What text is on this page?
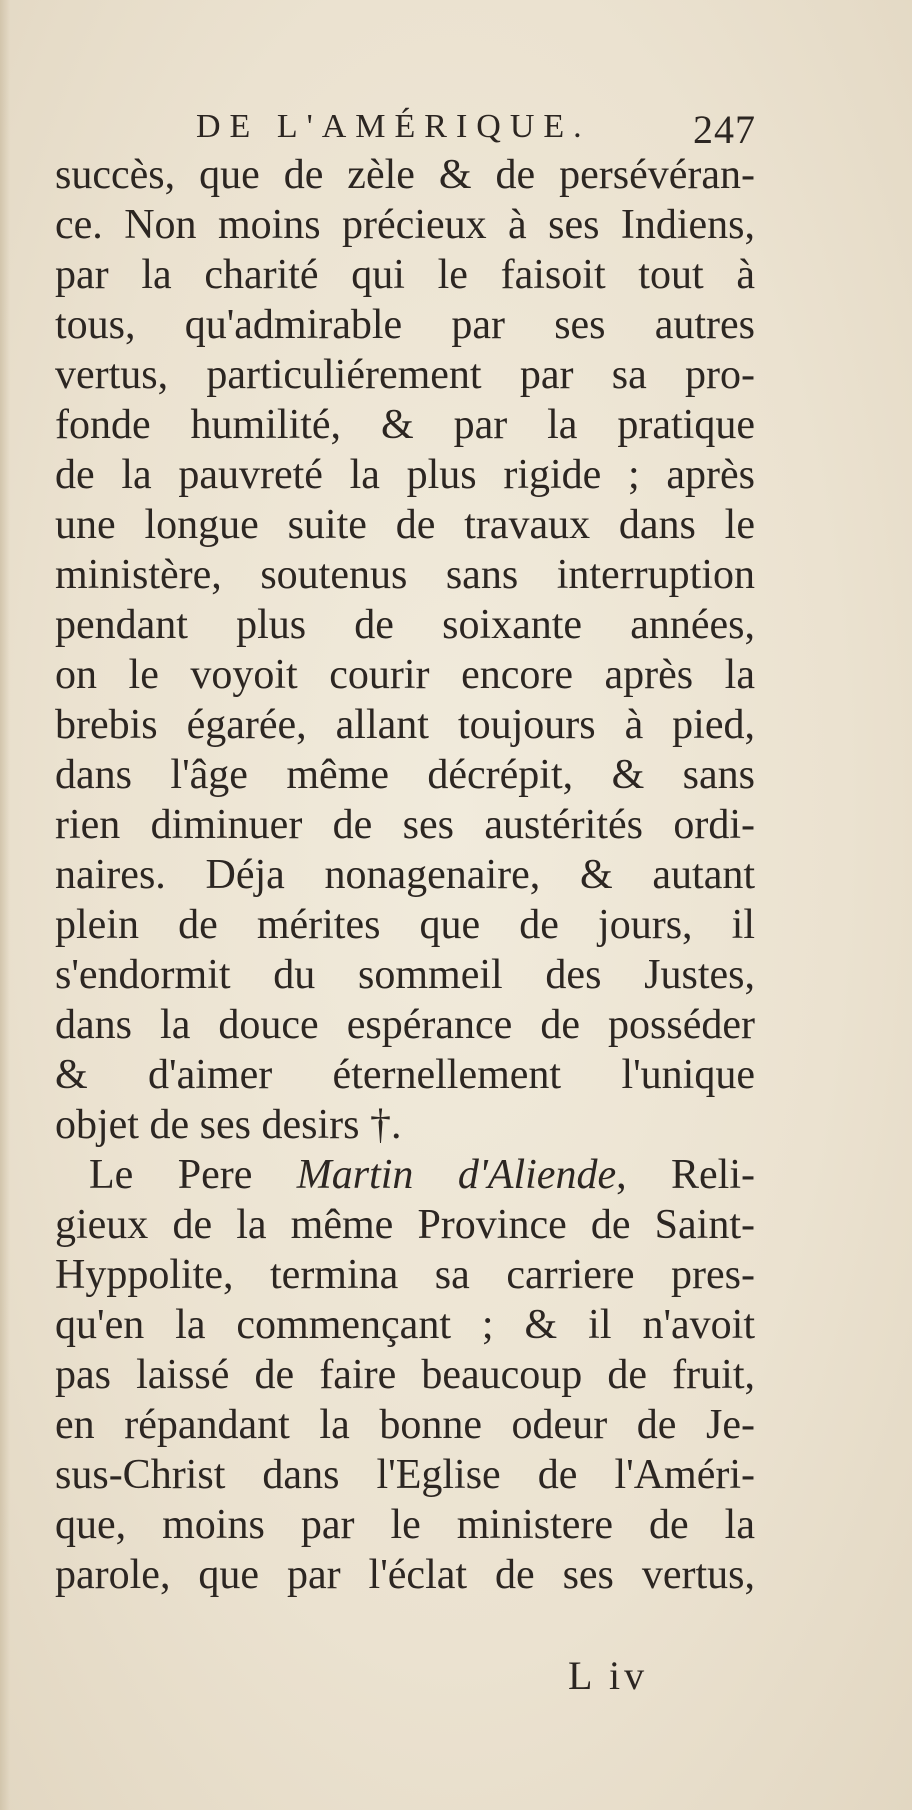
DE L'AMÉRIQUE.	247
succès, que de zèle & de persévéran-
ce. Non moins précieux à ses Indiens,
par la charité qui le faisoit tout à
tous, qu'admirable par ses autres
vertus, particuliérement par sa pro-
fonde humilité, & par la pratique
de la pauvreté la plus rigide ; après
une longue suite de travaux dans le
ministère, soutenus sans interruption
pendant plus de soixante années,
on le voyoit courir encore après la
brebis égarée, allant toujours à pied,
dans l'âge même décrépit, & sans
rien diminuer de ses austérités ordi-
naires. Déja nonagenaire, & autant
plein de mérites que de jours, il
s'endormit du sommeil des Justes,
dans la douce espérance de posséder
& d'aimer éternellement l'unique
objet de ses desirs †.
Le Pere Martin d'Aliende, Reli-
gieux de la même Province de Saint-
Hyppolite, termina sa carriere pres-
qu'en la commençant ; & il n'avoit
pas laissé de faire beaucoup de fruit,
en répandant la bonne odeur de Je-
sus-Christ dans l'Eglise de l'Améri-
que, moins par le ministere de la
parole, que par l'éclat de ses vertus,
L iv
